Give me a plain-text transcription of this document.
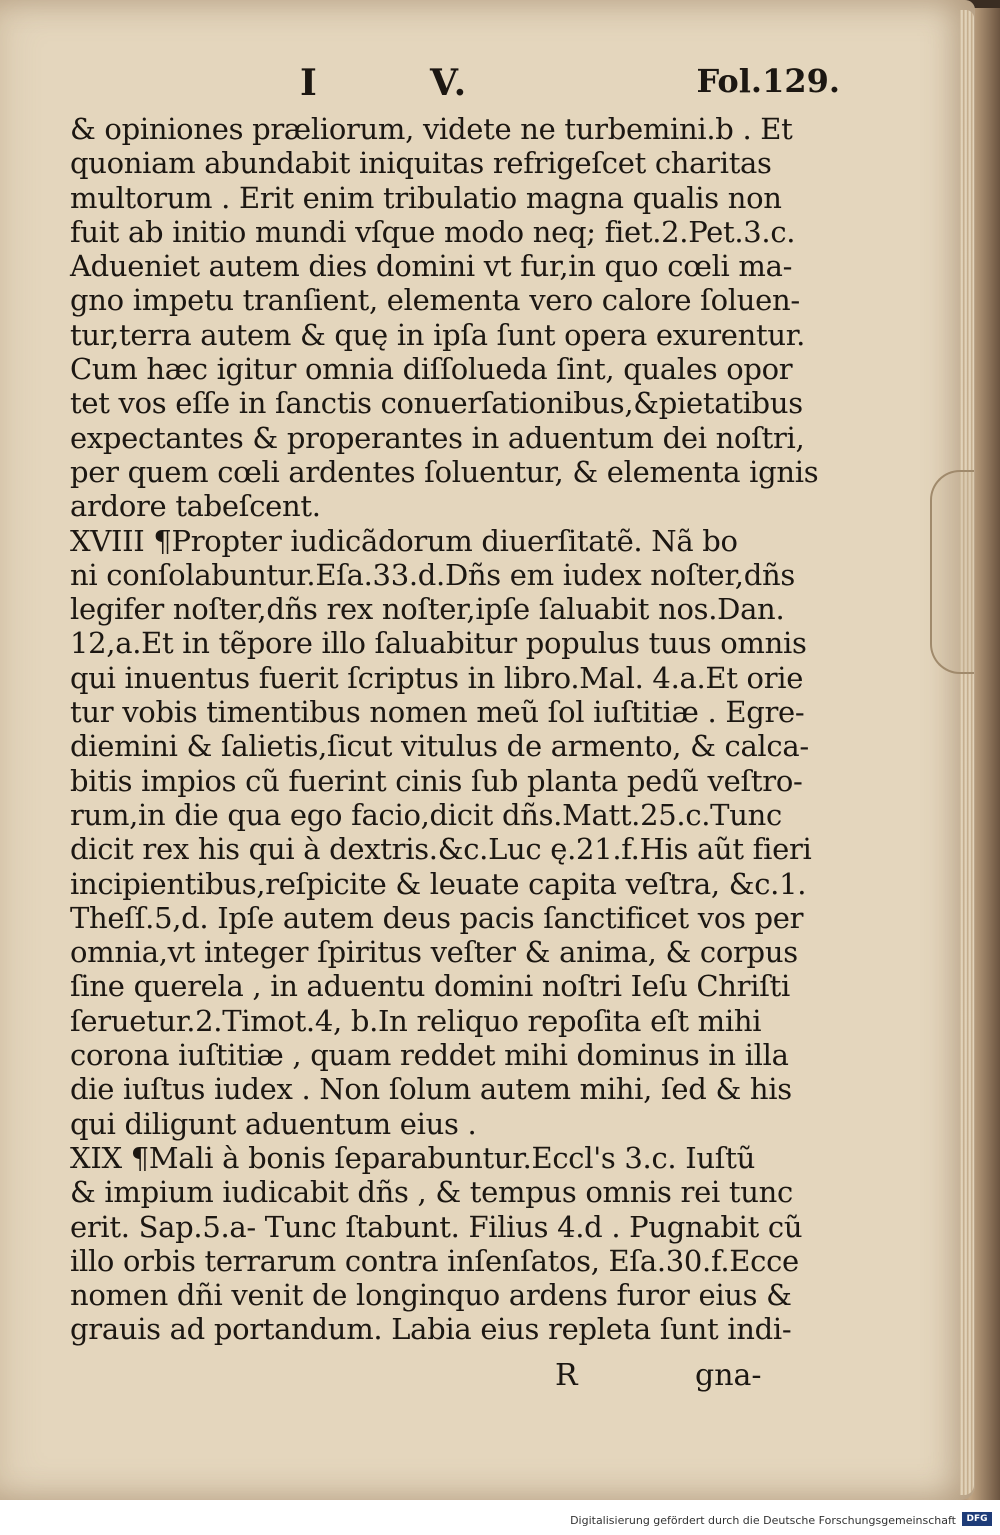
I	V.	Fol.129.
& opiniones præliorum, videte ne turbemini.b . Et
quoniam abundabit iniquitas refrigeſcet charitas
multorum . Erit enim tribulatio magna qualis non
fuit ab initio mundi vſque modo neq; fiet.2.Pet.3.c.
Adueniet autem dies domini vt fur,in quo cœli ma-
gno impetu tranſient, elementa vero calore ſoluen-
tur,terra autem & quę in ipſa ſunt opera exurentur.
Cum hæc igitur omnia diſſolueda ſint, quales opor
tet vos eſſe in ſanctis conuerſationibus,&pietatibus
expectantes & properantes in aduentum dei noſtri,
per quem cœli ardentes ſoluentur, & elementa ignis
ardore tabeſcent.
XVIII ¶Propter iudicãdorum diuerſitatẽ. Nã bo
ni conſolabuntur.Eſa.33.d.Dñs em iudex noſter,dñs
legifer noſter,dñs rex noſter,ipſe ſaluabit nos.Dan.
12,a.Et in tẽpore illo ſaluabitur populus tuus omnis
qui inuentus fuerit ſcriptus in libro.Mal. 4.a.Et orie
tur vobis timentibus nomen meũ ſol iuſtitiæ . Egre-
diemini & ſalietis,ſicut vitulus de armento, & calca-
bitis impios cũ fuerint cinis ſub planta pedũ veſtro-
rum,in die qua ego facio,dicit dñs.Matt.25.c.Tunc
dicit rex his qui à dextris.&c.Luc ę.21.f.His aũt fieri
incipientibus,reſpicite & leuate capita veſtra, &c.1.
Theſſ.5,d. Ipſe autem deus pacis ſanctificet vos per
omnia,vt integer ſpiritus veſter & anima, & corpus
ſine querela , in aduentu domini noſtri Ieſu Chriſti
ſeruetur.2.Timot.4, b.In reliquo repoſita eſt mihi
corona iuſtitiæ , quam reddet mihi dominus in illa
die iuſtus iudex . Non ſolum autem mihi, ſed & his
qui diligunt aduentum eius .
XIX ¶Mali à bonis ſeparabuntur.Eccl's 3.c. Iuſtũ
& impium iudicabit dñs , & tempus omnis rei tunc
erit. Sap.5.a- Tunc ſtabunt. Filius 4.d . Pugnabit cũ
illo orbis terrarum contra inſenſatos, Eſa.30.f.Ecce
nomen dñi venit de longinquo ardens furor eius &
grauis ad portandum. Labia eius repleta ſunt indi-
R	gna-
Digitalisierung gefördert durch die Deutsche Forschungsgemeinschaft	DFG
